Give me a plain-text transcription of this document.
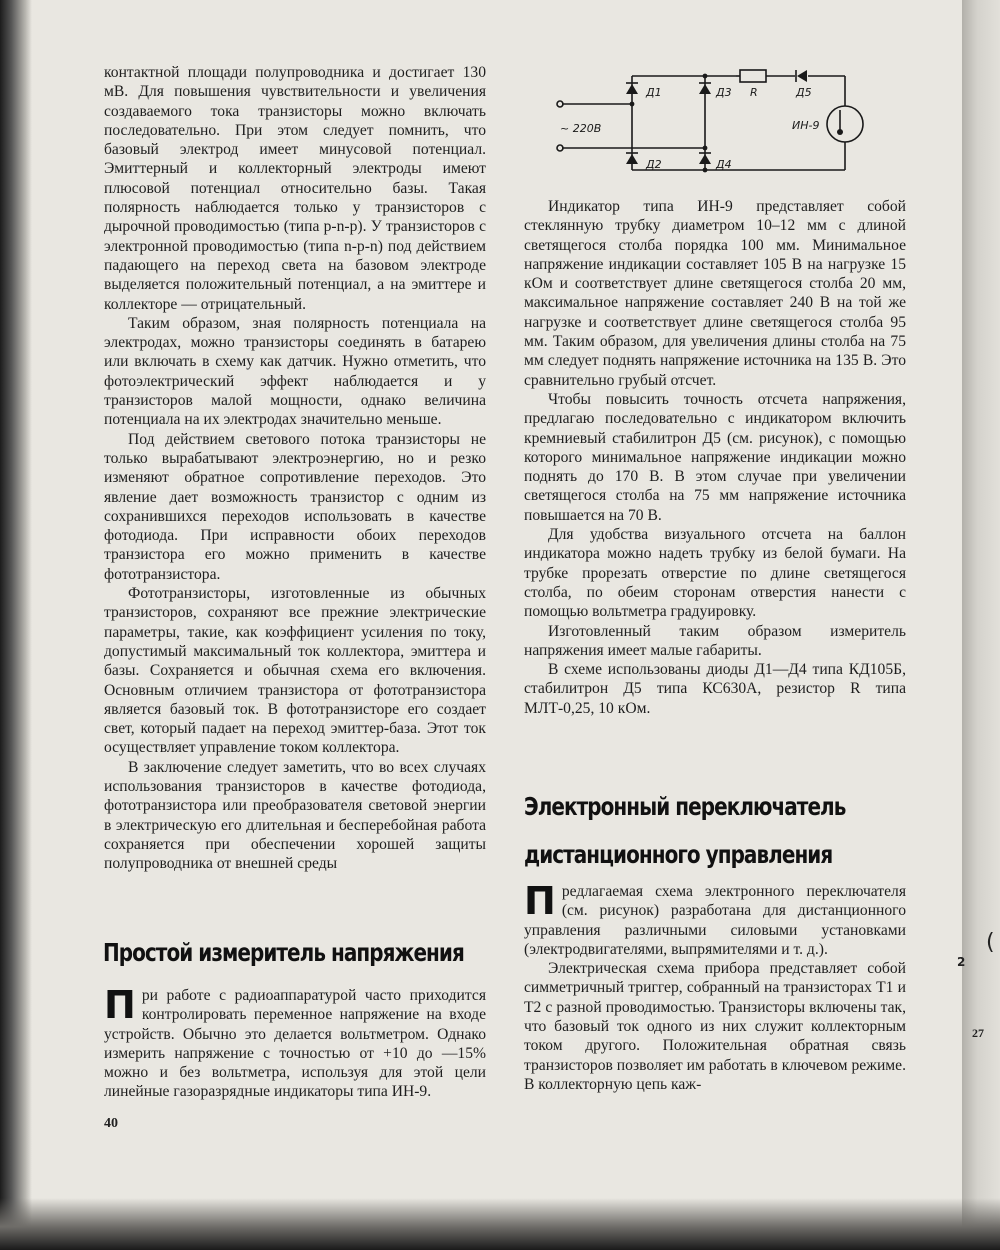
контактной площади полупроводника и достигает 130 мВ. Для повышения чувствительности и увеличения создаваемого тока транзисторы можно включать последовательно. При этом следует помнить, что базовый электрод имеет минусовой потенциал. Эмиттерный и коллекторный электроды имеют плюсовой потенциал относительно базы. Такая полярность наблюдается только у транзисторов с дырочной проводимостью (типа p-n-p). У транзисторов с электронной проводимостью (типа n-p-n) под действием падающего на переход света на базовом электроде выделяется положительный потенциал, а на эмиттере и коллекторе — отрицательный.

Таким образом, зная полярность потенциала на электродах, можно транзисторы соединять в батарею или включать в схему как датчик. Нужно отметить, что фотоэлектрический эффект наблюдается и у транзисторов малой мощности, однако величина потенциала на их электродах значительно меньше.

Под действием светового потока транзисторы не только вырабатывают электроэнергию, но и резко изменяют обратное сопротивление переходов. Это явление дает возможность транзистор с одним из сохранившихся переходов использовать в качестве фотодиода. При исправности обоих переходов транзистора его можно применить в качестве фототранзистора.

Фототранзисторы, изготовленные из обычных транзисторов, сохраняют все прежние электрические параметры, такие, как коэффициент усиления по току, допустимый максимальный ток коллектора, эмиттера и базы. Сохраняется и обычная схема его включения. Основным отличием транзистора от фототранзистора является базовый ток. В фототранзисторе его создает свет, который падает на переход эмиттер-база. Этот ток осуществляет управление током коллектора.

В заключение следует заметить, что во всех случаях использования транзисторов в качестве фотодиода, фототранзистора или преобразователя световой энергии в электрическую его длительная и бесперебойная работа сохраняется при обеспечении хорошей защиты полупроводника от внешней среды

Простой измеритель напряжения
П ри работе с радиоаппаратурой часто приходится контролировать переменное напряжение на входе устройств. Обычно это делается вольтметром. Однако измерить напряжение с точностью от +10 до —15% можно и без вольтметра, используя для этой цели линейные газоразрядные индикаторы типа ИН-9.

40
Д1
Д2
Д3
Д4
R	Д5
ИН-9
~ 220В

Индикатор типа ИН-9 представляет собой стеклянную трубку диаметром 10–12 мм с длиной светящегося столба порядка 100 мм. Минимальное напряжение индикации составляет 105 В на нагрузке 15 кОм и соответствует длине светящегося столба 20 мм, максимальное напряжение составляет 240 В на той же нагрузке и соответствует длине светящегося столба 95 мм. Таким образом, для увеличения длины столба на 75 мм следует поднять напряжение источника на 135 В. Это сравнительно грубый отсчет.

Чтобы повысить точность отсчета напряжения, предлагаю последовательно с индикатором включить кремниевый стабилитрон Д5 (см. рисунок), с помощью которого минимальное напряжение индикации можно поднять до 170 В. В этом случае при увеличении светящегося столба на 75 мм напряжение источника повышается на 70 В.

Для удобства визуального отсчета на баллон индикатора можно надеть трубку из белой бумаги. На трубке прорезать отверстие по длине светящегося столба, по обеим сторонам отверстия нанести с помощью вольтметра градуировку.

Изготовленный таким образом измеритель напряжения имеет малые габариты.

В схеме использованы диоды Д1—Д4 типа КД105Б, стабилитрон Д5 типа КС630А, резистор R типа МЛТ-0,25, 10 кОм.

Электронный переключатель
дистанционного управления
П редлагаемая схема электронного переключателя (см. рисунок) разработана для дистанционного управления различными силовыми установками (электродвигателями, выпрямителями и т. д.).

Электрическая схема прибора представляет собой симметричный триггер, собранный на транзисторах Т1 и Т2 с разной проводимостью. Транзисторы включены так, что базовый ток одного из них служит коллекторным током другого. Положительная обратная связь транзисторов позволяет им работать в ключевом режиме. В коллекторную цепь каж-

27
(
2
